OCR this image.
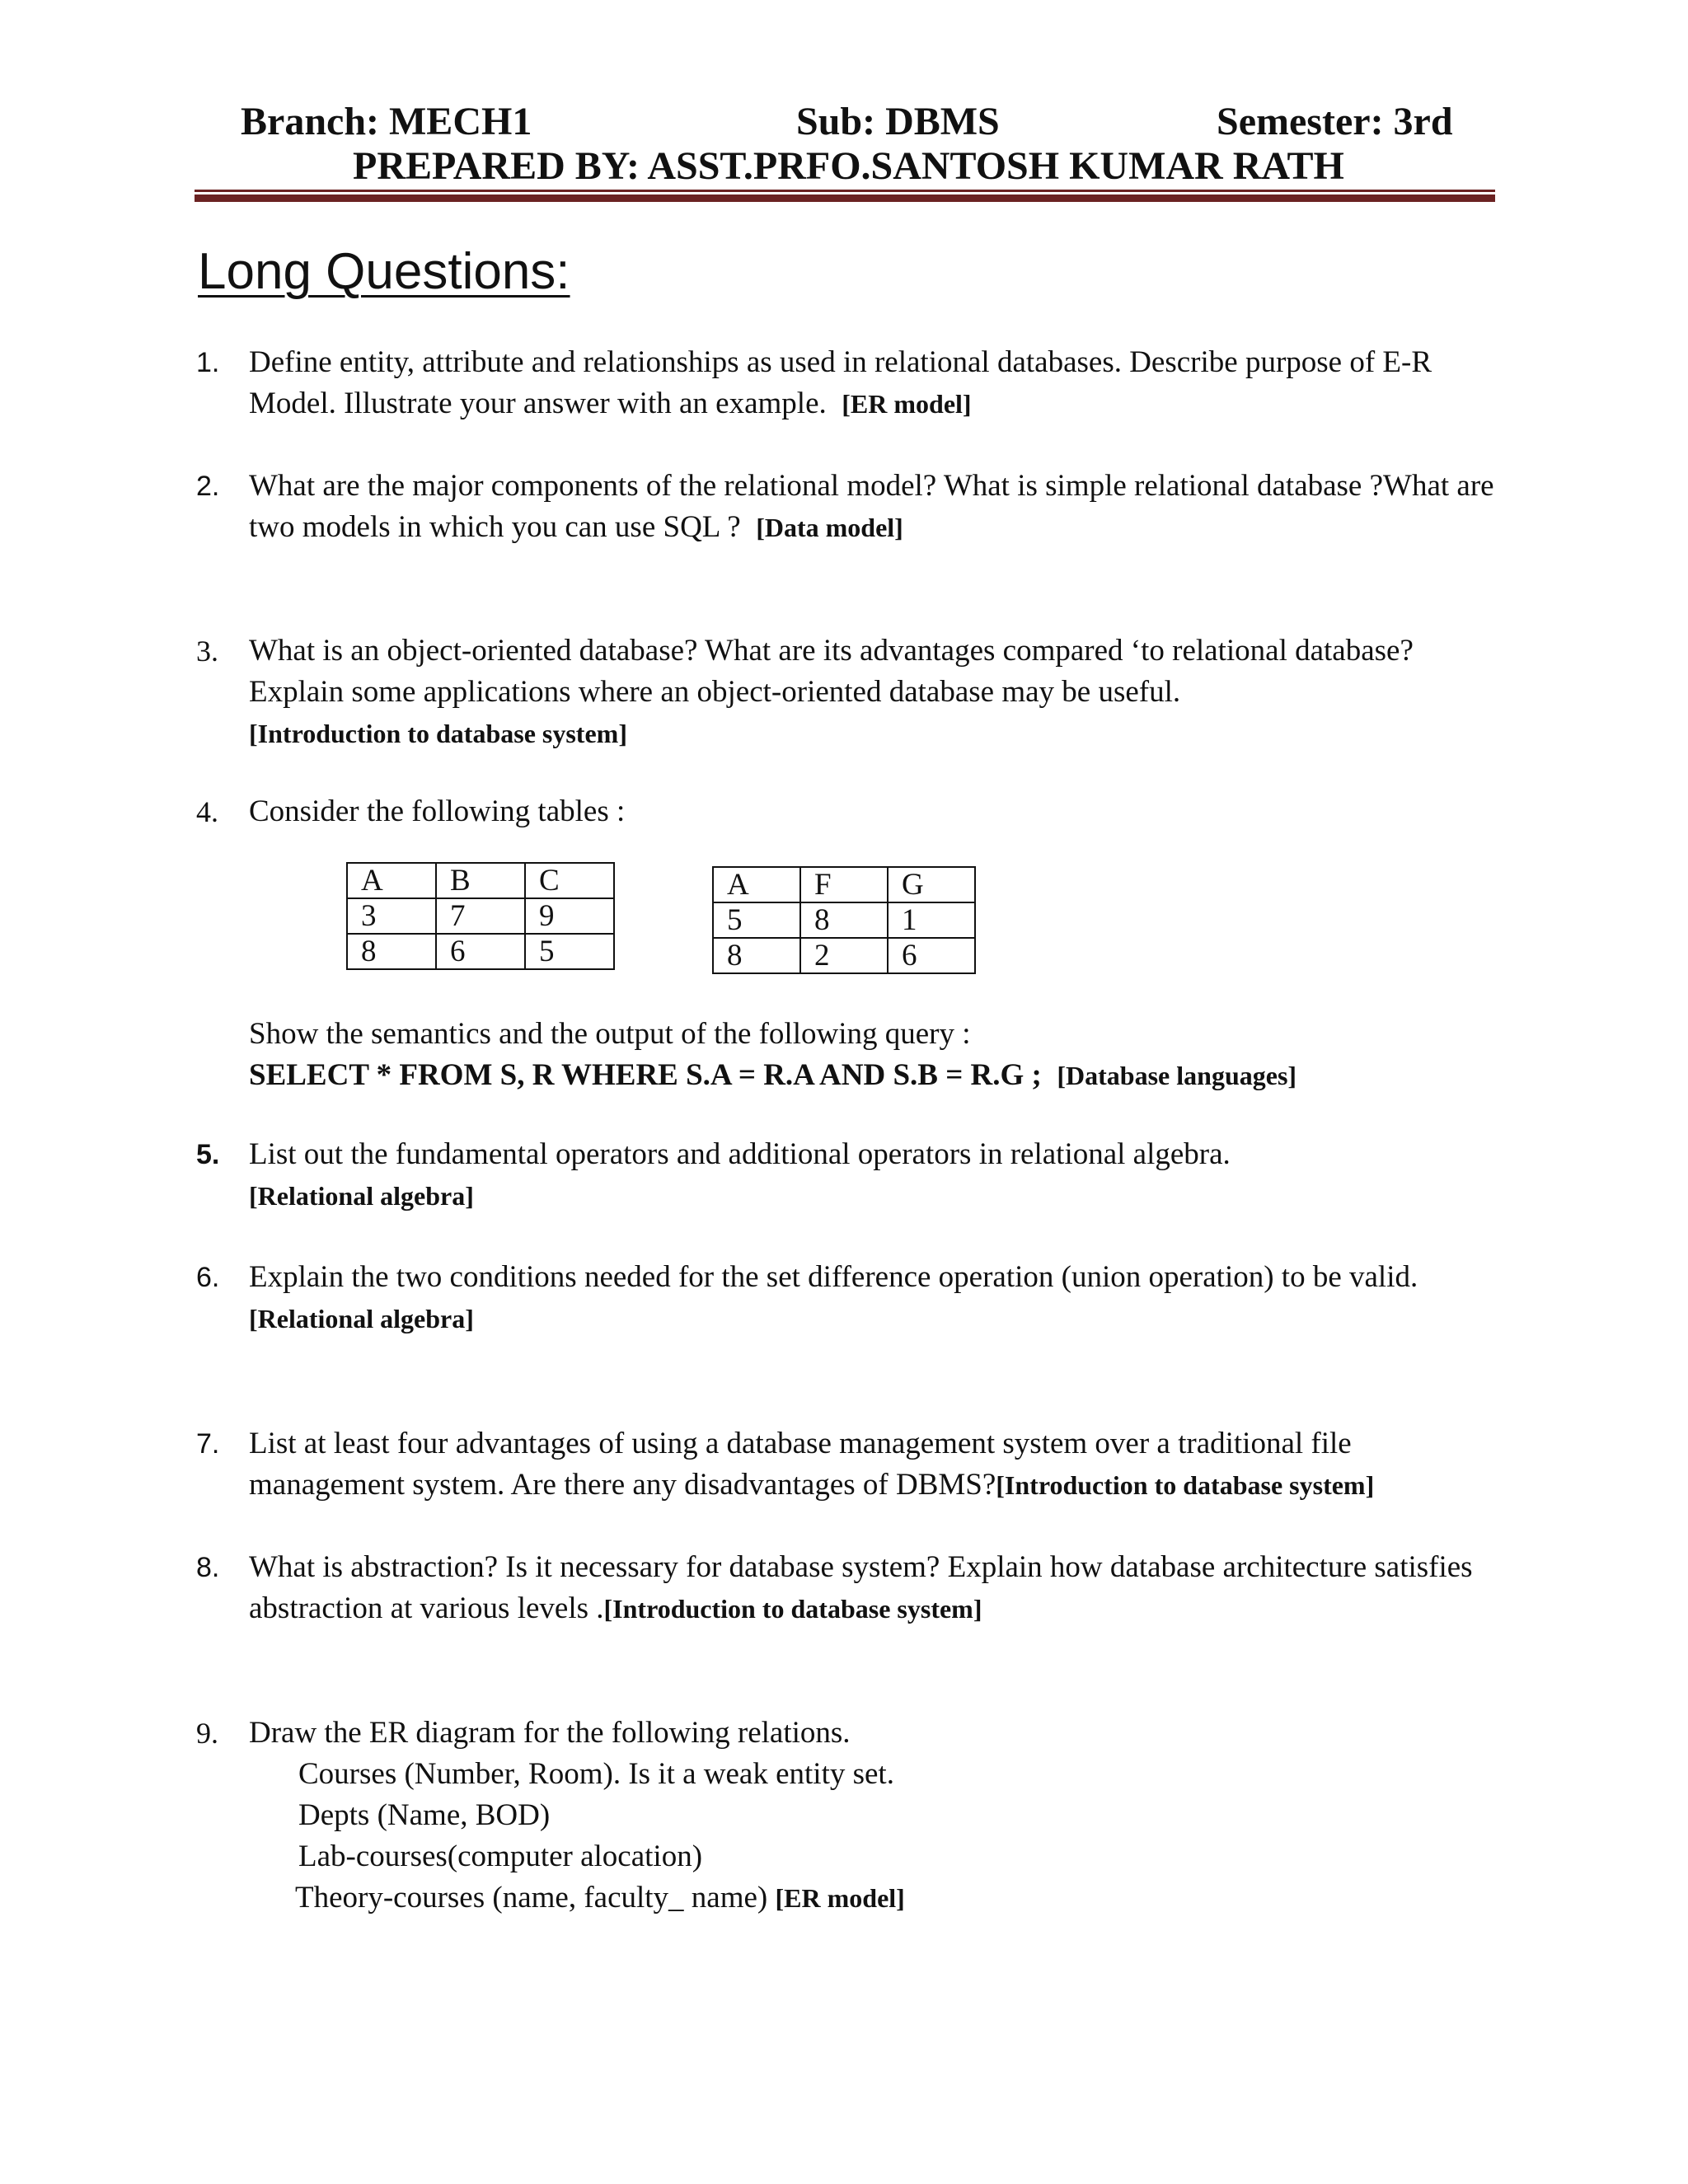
Branch: MECH1	Sub: DBMS	Semester: 3rd
PREPARED BY: ASST.PRFO.SANTOSH KUMAR RATH
Long Questions:
1. Define entity, attribute and relationships as used in relational databases. Describe purpose of E-R
Model. Illustrate your answer with an example. [ER model]
2. What are the major components of the relational model? What is simple relational database ?What are
two models in which you can use SQL ? [Data model]
3.	What is an object-oriented database? What are its advantages compared ‘to relational database?
Explain some applications where an object-oriented database may be useful.
[Introduction to database system]
4.	Consider the following tables :
A	B	C
3	7	9
8	6	5
A	F	G
5	8	1
8	2	6
Show the semantics and the output of the following query :
SELECT * FROM S, R WHERE S.A = R.A AND S.B = R.G ; [Database languages]
5. List out the fundamental operators and additional operators in relational algebra.
[Relational algebra]
6. Explain the two conditions needed for the set difference operation (union operation) to be valid.
[Relational algebra]
7. List at least four advantages of using a database management system over a traditional file
management system. Are there any disadvantages of DBMS?[Introduction to database system]
8. What is abstraction? Is it necessary for database system? Explain how database architecture satisfies
abstraction at various levels .[Introduction to database system]
9.	Draw the ER diagram for the following relations.
Courses (Number, Room). Is it a weak entity set.
Depts (Name, BOD)
Lab-courses(computer alocation)
Theory-courses (name, faculty_ name) [ER model]
